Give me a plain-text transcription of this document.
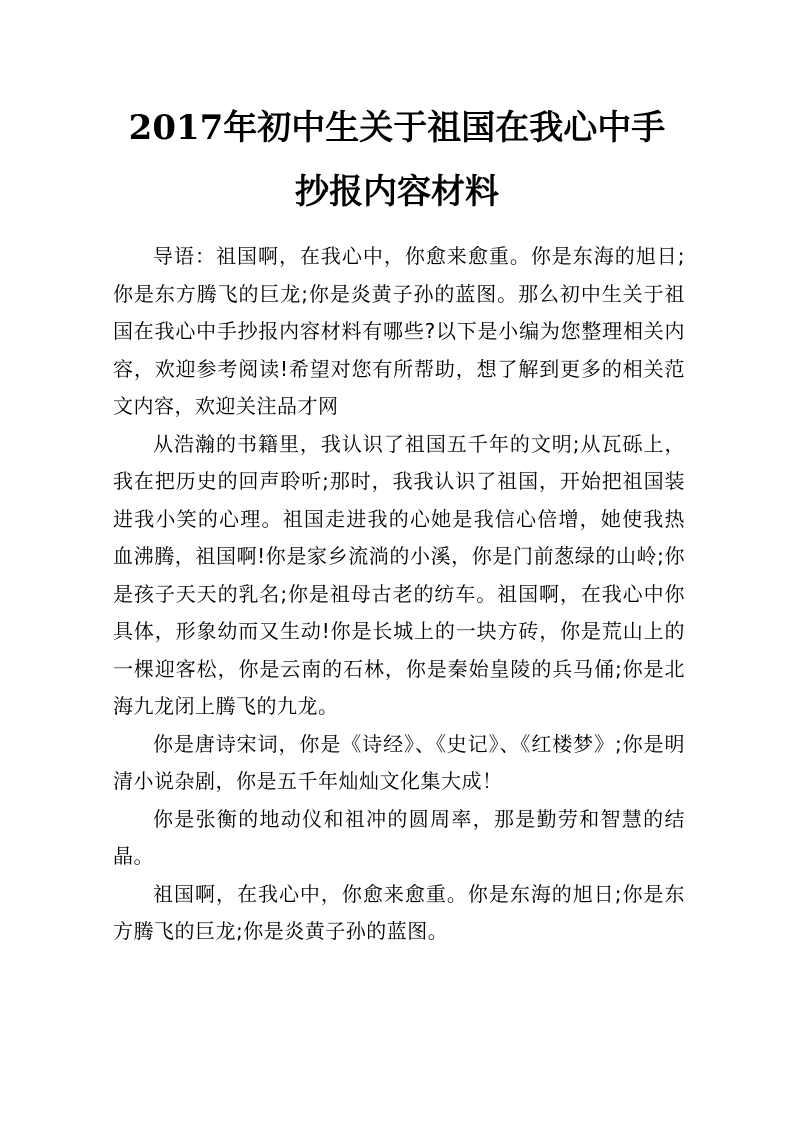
2017年初中生关于祖国在我心中手
抄报内容材料

导语：祖国啊，在我心中，你愈来愈重。你是东海的旭日;你是东方腾飞的巨龙;你是炎黄子孙的蓝图。那么初中生关于祖国在我心中手抄报内容材料有哪些?以下是小编为您整理相关内容，欢迎参考阅读!希望对您有所帮助，想了解到更多的相关范文内容，欢迎关注品才网

从浩瀚的书籍里，我认识了祖国五千年的文明;从瓦砾上，我在把历史的回声聆听;那时，我我认识了祖国，开始把祖国装进我小笑的心理。祖国走进我的心她是我信心倍增，她使我热血沸腾，祖国啊!你是家乡流淌的小溪，你是门前葱绿的山岭;你是孩子天天的乳名;你是祖母古老的纺车。祖国啊，在我心中你具体，形象幼而又生动!你是长城上的一块方砖，你是荒山上的一棵迎客松，你是云南的石林，你是秦始皇陵的兵马俑;你是北海九龙闭上腾飞的九龙。

你是唐诗宋词，你是《诗经》、《史记》、《红楼梦》;你是明清小说杂剧，你是五千年灿灿文化集大成！

你是张衡的地动仪和祖冲的圆周率，那是勤劳和智慧的结晶。

祖国啊，在我心中，你愈来愈重。你是东海的旭日;你是东方腾飞的巨龙;你是炎黄子孙的蓝图。
